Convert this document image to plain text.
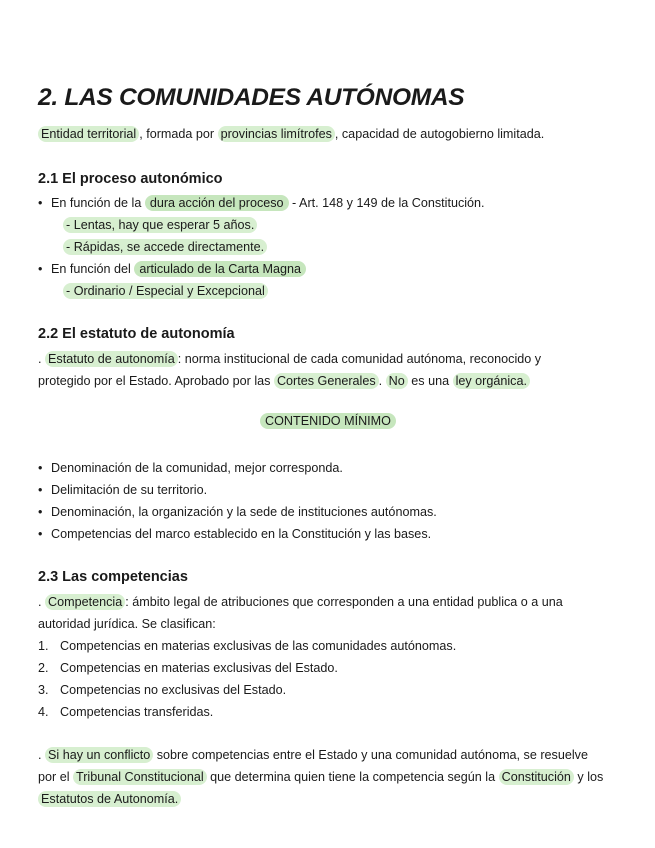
2. LAS COMUNIDADES AUTÓNOMAS

Entidad territorial , formada por provincias limítrofes , capacidad de autogobierno limitada.

2.1 El proceso autonómico

• En función de la dura acción del proceso - Art. 148 y 149 de la Constitución.

- Lentas, hay que esperar 5 años.

- Rápidas, se accede directamente.

• En función del articulado de la Carta Magna

- Ordinario / Especial y Excepcional

2.2 El estatuto de autonomía

. Estatuto de autonomía : norma institucional de cada comunidad autónoma, reconocido y

protegido por el Estado. Aprobado por las Cortes Generales . No es una ley orgánica.

CONTENIDO MÍNIMO

• Denominación de la comunidad, mejor corresponda.

• Delimitación de su territorio.

• Denominación, la organización y la sede de instituciones autónomas.

• Competencias del marco establecido en la Constitución y las bases.

2.3 Las competencias

. Competencia : ámbito legal de atribuciones que corresponden a una entidad publica o a una

autoridad jurídica. Se clasifican:

1. Competencias en materias exclusivas de las comunidades autónomas.

2. Competencias en materias exclusivas del Estado.

3. Competencias no exclusivas del Estado.

4. Competencias transferidas.

. Si hay un conflicto sobre competencias entre el Estado y una comunidad autónoma, se resuelve

por el Tribunal Constitucional que determina quien tiene la competencia según la Constitución y los

Estatutos de Autonomía.
